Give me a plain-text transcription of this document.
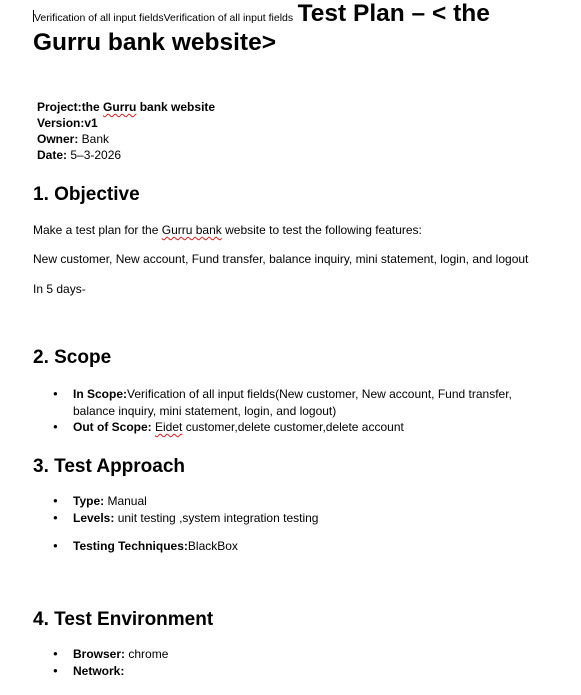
Verification of all input fieldsVerification of all input fields Test Plan – < the
Gurru bank website>
Project:the Gurru bank website
Version:v1
Owner: Bank
Date: 5–3-2026
1. Objective

Make a test plan for the Gurru bank website to test the following features:

New customer, New account, Fund transfer, balance inquiry, mini statement, login, and logout

In 5 days-

2. Scope
● In Scope:Verification of all input fields(New customer, New account, Fund transfer,
balance inquiry, mini statement, login, and logout)
● Out of Scope: Eidet customer,delete customer,delete account
3. Test Approach
● Type: Manual
● Levels: unit testing ,system integration testing
● Testing Techniques:BlackBox
4. Test Environment
● Browser: chrome
● Network:
